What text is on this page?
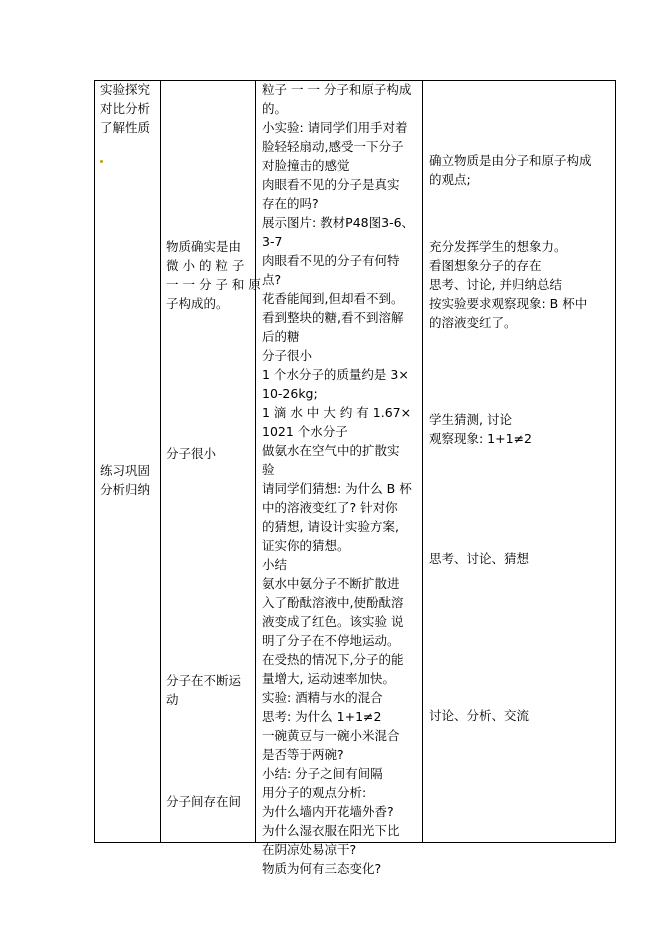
实验探究
对比分析
了解性质
练习巩固
分析归纳
物质确实是由
微 小 的 粒 子
一 一 分 子 和 原
子构成的。
分子很小
分子在不断运
动
分子间存在间
粒子 一 一 分子和原子构成
的。
小实验: 请同学们用手对着
脸轻轻扇动,感受一下分子
对脸撞击的感觉
肉眼看不见的分子是真实
存在的吗?
展示图片: 教材P48图3-6、
3-7
肉眼看不见的分子有何特
点?
花香能闻到,但却看不到。
看到整块的糖,看不到溶解
后的糖
分子很小
1 个水分子的质量约是 3×
10-26kg;
1 滴 水 中 大 约 有 1.67×
1021 个水分子
做氨水在空气中的扩散实
验
请同学们猜想: 为什么 B 杯
中的溶液变红了? 针对你
的猜想, 请设计实验方案,
证实你的猜想。
小结
氨水中氨分子不断扩散进
入了酚酞溶液中,使酚酞溶
液变成了红色。该实验 说
明了分子在不停地运动。
在受热的情况下,分子的能
量增大, 运动速率加快。
实验: 酒精与水的混合
思考: 为什么 1+1≠2
一碗黄豆与一碗小米混合
是否等于两碗?
小结: 分子之间有间隔
用分子的观点分析:
为什么墙内开花墙外香?
为什么湿衣服在阳光下比
在阴凉处易凉干?
物质为何有三态变化?
确立物质是由分子和原子构成
的观点;
充分发挥学生的想象力。
看图想象分子的存在
思考、讨论, 并归纳总结
按实验要求观察现象: B 杯中
的溶液变红了。
学生猜测, 讨论
观察现象: 1+1≠2
思考、讨论、猜想
讨论、分析、交流
